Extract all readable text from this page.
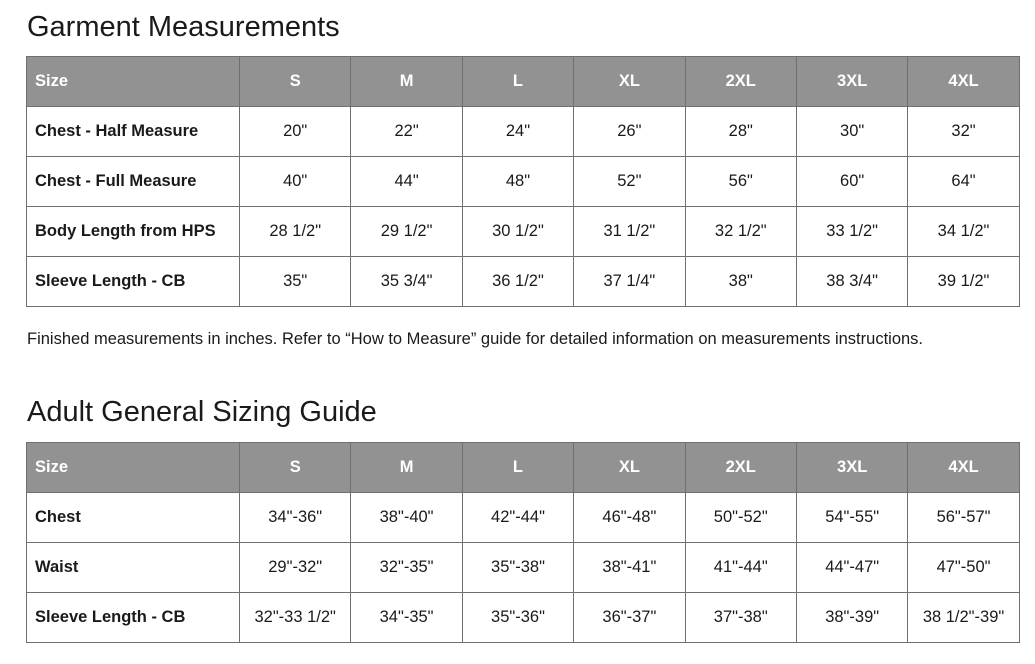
Garment Measurements
Size	S	M	L	XL	2XL	3XL	4XL
Chest - Half Measure	20"	22"	24"	26"	28"	30"	32"
Chest - Full Measure	40"	44"	48"	52"	56"	60"	64"
Body Length from HPS	28 1/2"	29 1/2"	30 1/2"	31 1/2"	32 1/2"	33 1/2"	34 1/2"
Sleeve Length - CB	35"	35 3/4"	36 1/2"	37 1/4"	38"	38 3/4"	39 1/2"

Finished measurements in inches. Refer to “How to Measure” guide for detailed information on measurements instructions.

Adult General Sizing Guide
Size	S	M	L	XL	2XL	3XL	4XL
Chest	34"-36"	38"-40"	42"-44"	46"-48"	50"-52"	54"-55"	56"-57"
Waist	29"-32"	32"-35"	35"-38"	38"-41"	41"-44"	44"-47"	47"-50"
Sleeve Length - CB	32"-33 1/2"	34"-35"	35"-36"	36"-37"	37"-38"	38"-39"	38 1/2"-39"
